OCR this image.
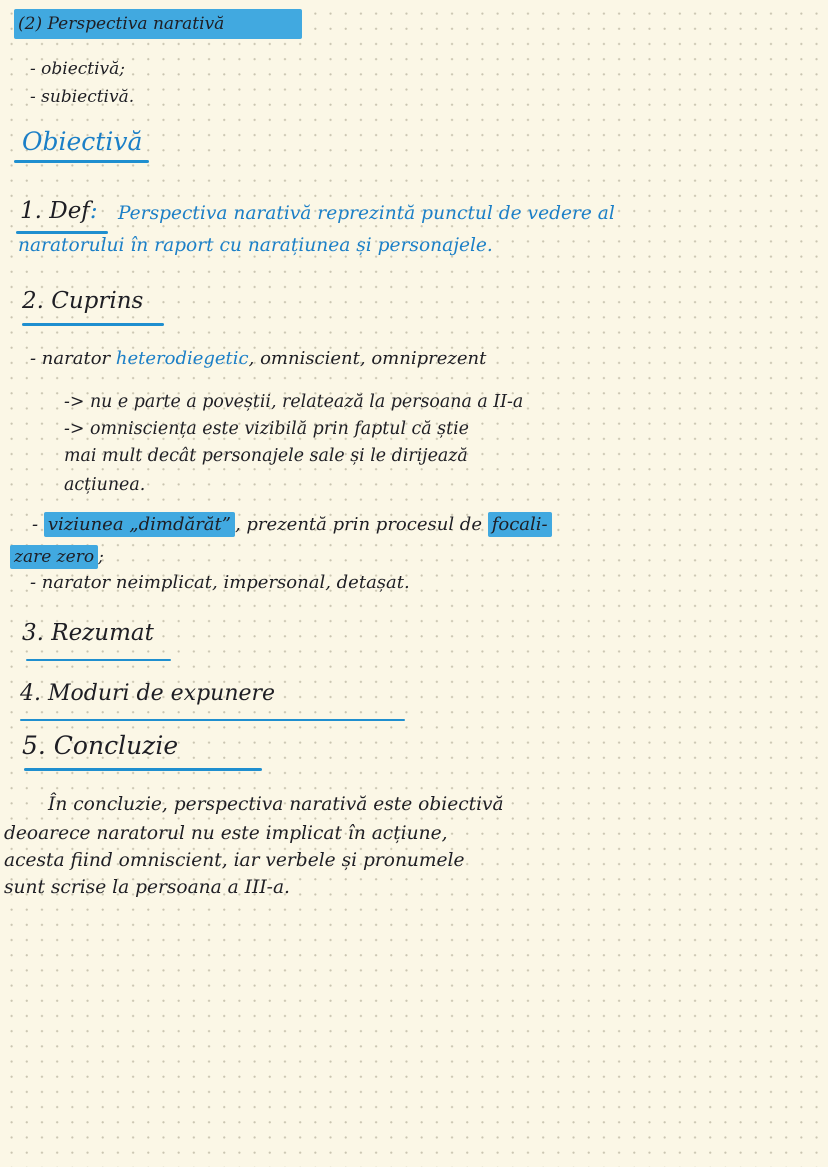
(2) Perspectiva narativă
- obiectivă;
- subiectivă.
Obiectivă
1. Def: Perspectiva narativă reprezintă punctul de vedere al
naratorului în raport cu narațiunea și personajele.
2. Cuprins
- narator heterodiegetic, omniscient, omniprezent
-> nu e parte a poveștii, relatează la persoana a II-a
-> omnisciența este vizibilă prin faptul că știe
mai mult decât personajele sale și le dirijează
acțiunea.
- viziunea „dimdărăt” , prezentă prin procesul de focali-
zare zero ;
- narator neimplicat, impersonal, detașat.
3. Rezumat
4. Moduri de expunere
5. Concluzie
În concluzie, perspectiva narativă este obiectivă
deoarece naratorul nu este implicat în acțiune,
acesta fiind omniscient, iar verbele și pronumele
sunt scrise la persoana a III-a.
